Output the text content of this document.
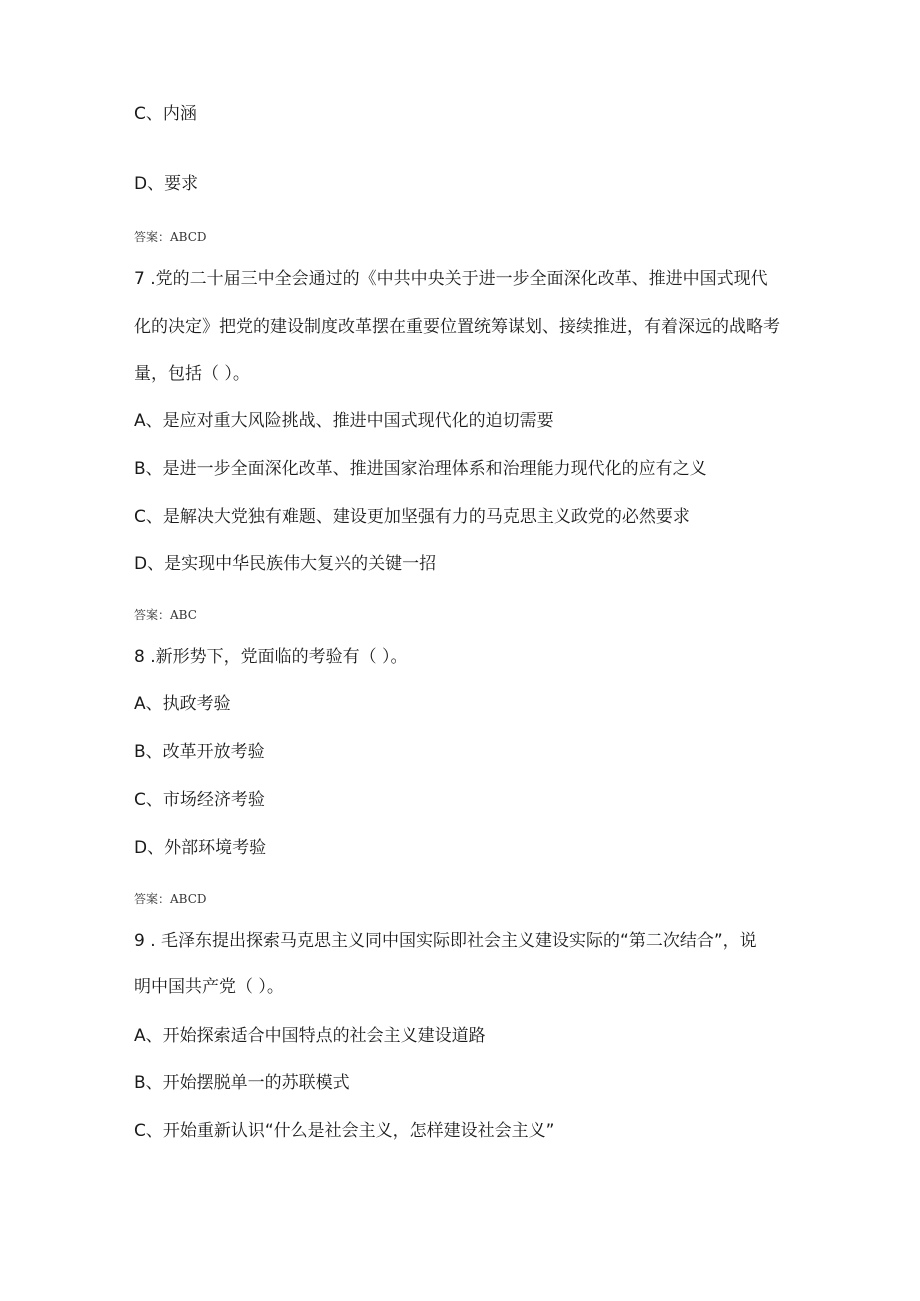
C、内涵
D、要求
答案：ABCD
7 .党的二十届三中全会通过的《中共中央关于进一步全面深化改革、推进中国式现代
化的决定》把党的建设制度改革摆在重要位置统筹谋划、接续推进，有着深远的战略考
量，包括（ ）。
A、是应对重大风险挑战、推进中国式现代化的迫切需要
B、是进一步全面深化改革、推进国家治理体系和治理能力现代化的应有之义
C、是解决大党独有难题、建设更加坚强有力的马克思主义政党的必然要求
D、是实现中华民族伟大复兴的关键一招
答案：ABC
8 .新形势下，党面临的考验有（ ）。
A、执政考验
B、改革开放考验
C、市场经济考验
D、外部环境考验
答案：ABCD
9 . 毛泽东提出探索马克思主义同中国实际即社会主义建设实际的“第二次结合”，说
明中国共产党（ ）。
A、开始探索适合中国特点的社会主义建设道路
B、开始摆脱单一的苏联模式
C、开始重新认识“什么是社会主义，怎样建设社会主义”
